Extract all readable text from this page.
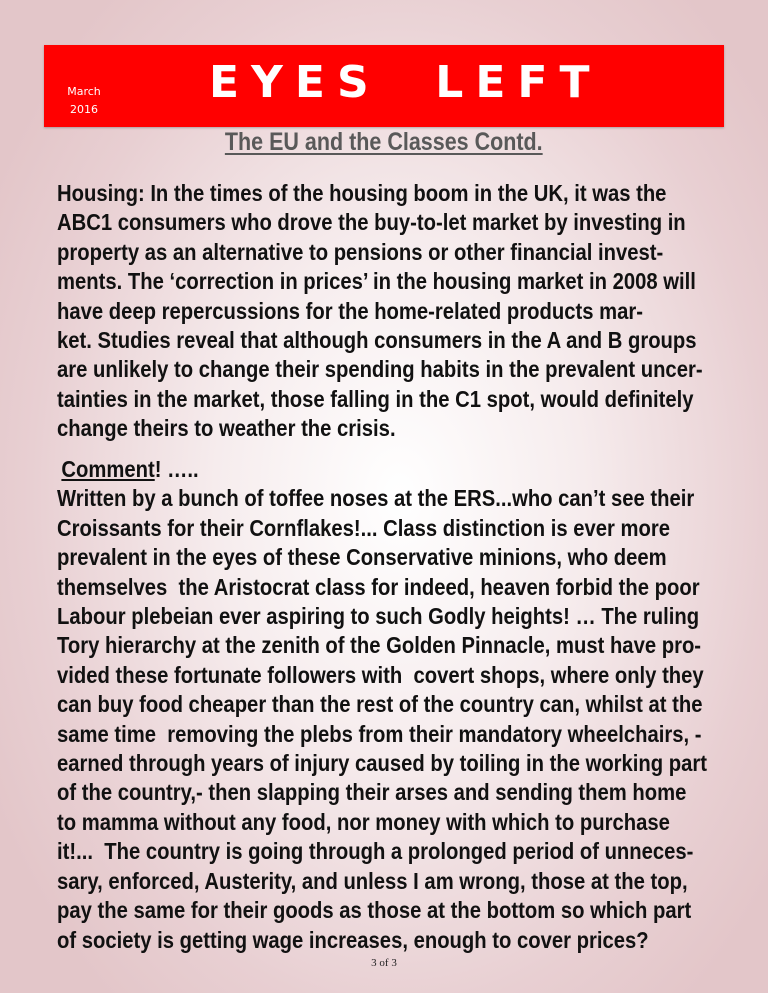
March
2016
EYES  LEFT
The EU and the Classes Contd.
Housing: In the times of the housing boom in the UK, it was the
ABC1 consumers who drove the buy-to-let market by investing in
property as an alternative to pensions or other financial invest-
ments. The ‘correction in prices’ in the housing market in 2008 will
have deep repercussions for the home-related products mar-
ket. Studies reveal that although consumers in the A and B groups
are unlikely to change their spending habits in the prevalent uncer-
tainties in the market, those falling in the C1 spot, would definitely
change theirs to weather the crisis.
Comment! …..
Written by a bunch of toffee noses at the ERS...who can’t see their
Croissants for their Cornflakes!... Class distinction is ever more
prevalent in the eyes of these Conservative minions, who deem
themselves  the Aristocrat class for indeed, heaven forbid the poor
Labour plebeian ever aspiring to such Godly heights! … The ruling
Tory hierarchy at the zenith of the Golden Pinnacle, must have pro-
vided these fortunate followers with  covert shops, where only they
can buy food cheaper than the rest of the country can, whilst at the
same time  removing the plebs from their mandatory wheelchairs, -
earned through years of injury caused by toiling in the working part
of the country,- then slapping their arses and sending them home
to mamma without any food, nor money with which to purchase
it!...  The country is going through a prolonged period of unneces-
sary, enforced, Austerity, and unless I am wrong, those at the top,
pay the same for their goods as those at the bottom so which part
of society is getting wage increases, enough to cover prices?
3 of 3
